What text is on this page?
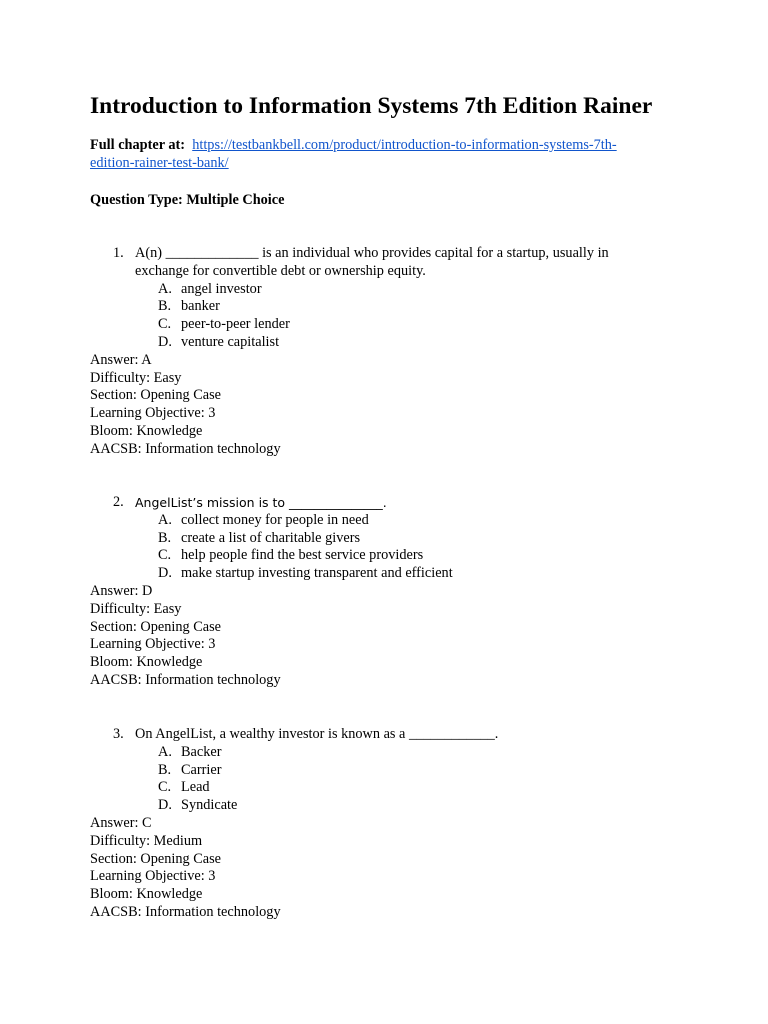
Introduction to Information Systems 7th Edition Rainer
Full chapter at: https://testbankbell.com/product/introduction-to-information-systems-7th-
edition-rainer-test-bank/
Question Type: Multiple Choice
1. A(n) _____________ is an individual who provides capital for a startup, usually in
exchange for convertible debt or ownership equity.
A. angel investor
B. banker
C. peer-to-peer lender
D. venture capitalist
Answer: A
Difficulty: Easy
Section: Opening Case
Learning Objective: 3
Bloom: Knowledge
AACSB: Information technology
2. AngelList’s mission is to _______________.
A. collect money for people in need
B. create a list of charitable givers
C. help people find the best service providers
D. make startup investing transparent and efficient
Answer: D
Difficulty: Easy
Section: Opening Case
Learning Objective: 3
Bloom: Knowledge
AACSB: Information technology
3. On AngelList, a wealthy investor is known as a ____________.
A. Backer
B. Carrier
C. Lead
D. Syndicate
Answer: C
Difficulty: Medium
Section: Opening Case
Learning Objective: 3
Bloom: Knowledge
AACSB: Information technology
